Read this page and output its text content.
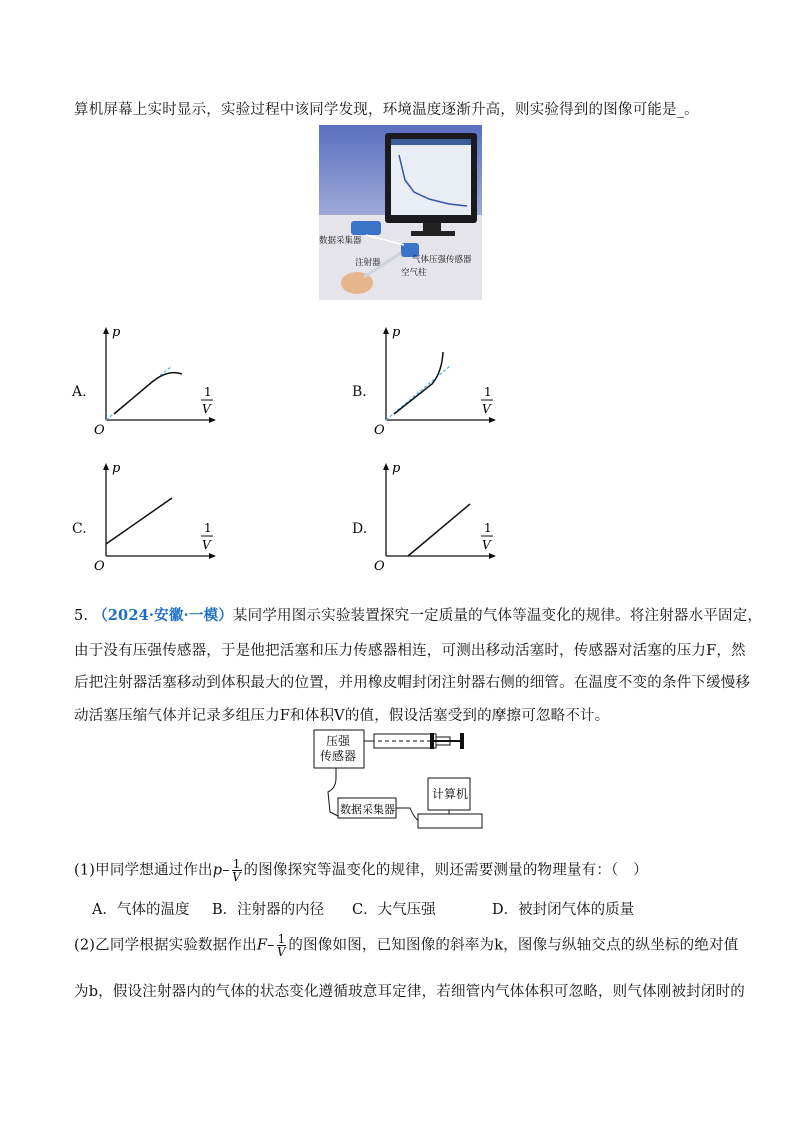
算机屏幕上实时显示，实验过程中该同学发现，环境温度逐渐升高，则实验得到的图像可能是_。
数据采集器
注射器	气体压强传感器
空气柱
A.
p
1
V
O
B.
p
1
V
O
C.
p
1
V
O
D.
p
1
V
O
5. （2024·安徽·一模）某同学用图示实验装置探究一定质量的气体等温变化的规律。将注射器水平固定，
由于没有压强传感器，于是他把活塞和压力传感器相连，可测出移动活塞时，传感器对活塞的压力F，然
后把注射器活塞移动到体积最大的位置，并用橡皮帽封闭注射器右侧的细管。在温度不变的条件下缓慢移
动活塞压缩气体并记录多组压力F和体积V的值，假设活塞受到的摩擦可忽略不计。
压强
传感器
数据采集器
计算机
(1)甲同学想通过作出$p- \frac{1}{V}$ 的图像探究等温变化的规律，则还需要测量的物理量有：（　）
A．气体的温度 B．注射器的内径 C．大气压强	D．被封闭气体的质量
(2)乙同学根据实验数据作出$F- \frac{1}{V}$ 的图像如图，已知图像的斜率为k，图像与纵轴交点的纵坐标的绝对值
为b，假设注射器内的气体的状态变化遵循玻意耳定律，若细管内气体体积可忽略，则气体刚被封闭时的
